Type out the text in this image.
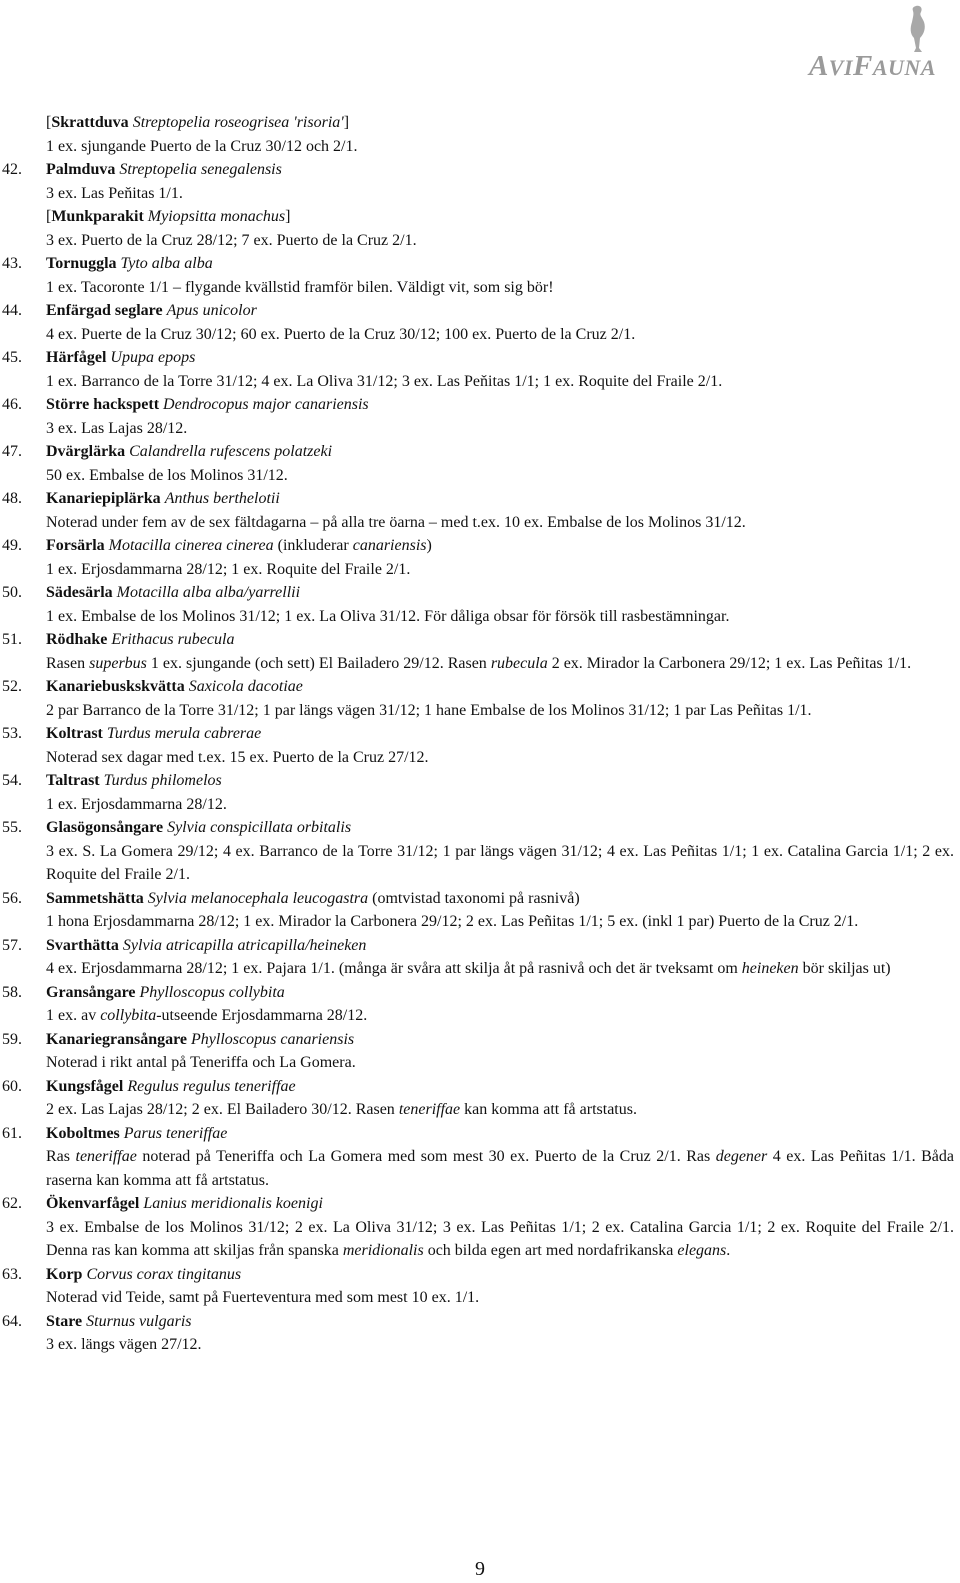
AVIFAUNA
[Skrattduva Streptopelia roseogrisea 'risoria']
1 ex. sjungande Puerto de la Cruz 30/12 och 2/1.
42.	Palmduva Streptopelia senegalensis
3 ex. Las Peňitas 1/1.
[Munkparakit Myiopsitta monachus]
3 ex. Puerto de la Cruz 28/12; 7 ex. Puerto de la Cruz 2/1.
43.	Tornuggla Tyto alba alba
1 ex. Tacoronte 1/1 – flygande kvällstid framför bilen. Väldigt vit, som sig bör!
44.	Enfärgad seglare Apus unicolor
4 ex. Puerte de la Cruz 30/12; 60 ex. Puerto de la Cruz 30/12; 100 ex. Puerto de la Cruz 2/1.
45.	Härfågel Upupa epops
1 ex. Barranco de la Torre 31/12; 4 ex. La Oliva 31/12; 3 ex. Las Peňitas 1/1; 1 ex. Roquite del Fraile 2/1.
46.	Större hackspett Dendrocopus major canariensis
3 ex. Las Lajas 28/12.
47.	Dvärglärka Calandrella rufescens polatzeki
50 ex. Embalse de los Molinos 31/12.
48.	Kanariepiplärka Anthus berthelotii
Noterad under fem av de sex fältdagarna – på alla tre öarna – med t.ex. 10 ex. Embalse de los Molinos 31/12.
49.	Forsärla Motacilla cinerea cinerea (inkluderar canariensis)
1 ex. Erjosdammarna 28/12; 1 ex. Roquite del Fraile 2/1.
50.	Sädesärla Motacilla alba alba/yarrellii
1 ex. Embalse de los Molinos 31/12; 1 ex. La Oliva 31/12. För dåliga obsar för försök till rasbestämningar.
51.	Rödhake Erithacus rubecula
Rasen superbus 1 ex. sjungande (och sett) El Bailadero 29/12. Rasen rubecula 2 ex. Mirador la Carbonera 29/12; 1 ex. Las Peñitas 1/1.
52.	Kanariebuskskvätta Saxicola dacotiae
2 par Barranco de la Torre 31/12; 1 par längs vägen 31/12; 1 hane Embalse de los Molinos 31/12; 1 par Las Peñitas 1/1.
53.	Koltrast Turdus merula cabrerae
Noterad sex dagar med t.ex. 15 ex. Puerto de la Cruz 27/12.
54.	Taltrast Turdus philomelos
1 ex. Erjosdammarna 28/12.
55.	Glasögonsångare Sylvia conspicillata orbitalis
3 ex. S. La Gomera 29/12; 4 ex. Barranco de la Torre 31/12; 1 par längs vägen 31/12; 4 ex. Las Peñitas 1/1; 1 ex. Catalina Garcia 1/1; 2 ex. Roquite del Fraile 2/1.
56.	Sammetshätta Sylvia melanocephala leucogastra (omtvistad taxonomi på rasnivå)
1 hona Erjosdammarna 28/12; 1 ex. Mirador la Carbonera 29/12; 2 ex. Las Peñitas 1/1; 5 ex. (inkl 1 par) Puerto de la Cruz 2/1.
57.	Svarthätta Sylvia atricapilla atricapilla/heineken
4 ex. Erjosdammarna 28/12; 1 ex. Pajara 1/1. (många är svåra att skilja åt på rasnivå och det är tveksamt om heineken bör skiljas ut)
58.	Gransångare Phylloscopus collybita
1 ex. av collybita-utseende Erjosdammarna 28/12.
59.	Kanariegransångare Phylloscopus canariensis
Noterad i rikt antal på Teneriffa och La Gomera.
60.	Kungsfågel Regulus regulus teneriffae
2 ex. Las Lajas 28/12; 2 ex. El Bailadero 30/12. Rasen teneriffae kan komma att få artstatus.
61.	Koboltmes Parus teneriffae
Ras teneriffae noterad på Teneriffa och La Gomera med som mest 30 ex. Puerto de la Cruz 2/1. Ras degener 4 ex. Las Peñitas 1/1. Båda raserna kan komma att få artstatus.
62.	Ökenvarfågel Lanius meridionalis koenigi
3 ex. Embalse de los Molinos 31/12; 2 ex. La Oliva 31/12; 3 ex. Las Peñitas 1/1; 2 ex. Catalina Garcia 1/1; 2 ex. Roquite del Fraile 2/1. Denna ras kan komma att skiljas från spanska meridionalis och bilda egen art med nordafrikanska elegans.
63.	Korp Corvus corax tingitanus
Noterad vid Teide, samt på Fuerteventura med som mest 10 ex. 1/1.
64.	Stare Sturnus vulgaris
3 ex. längs vägen 27/12.
9
